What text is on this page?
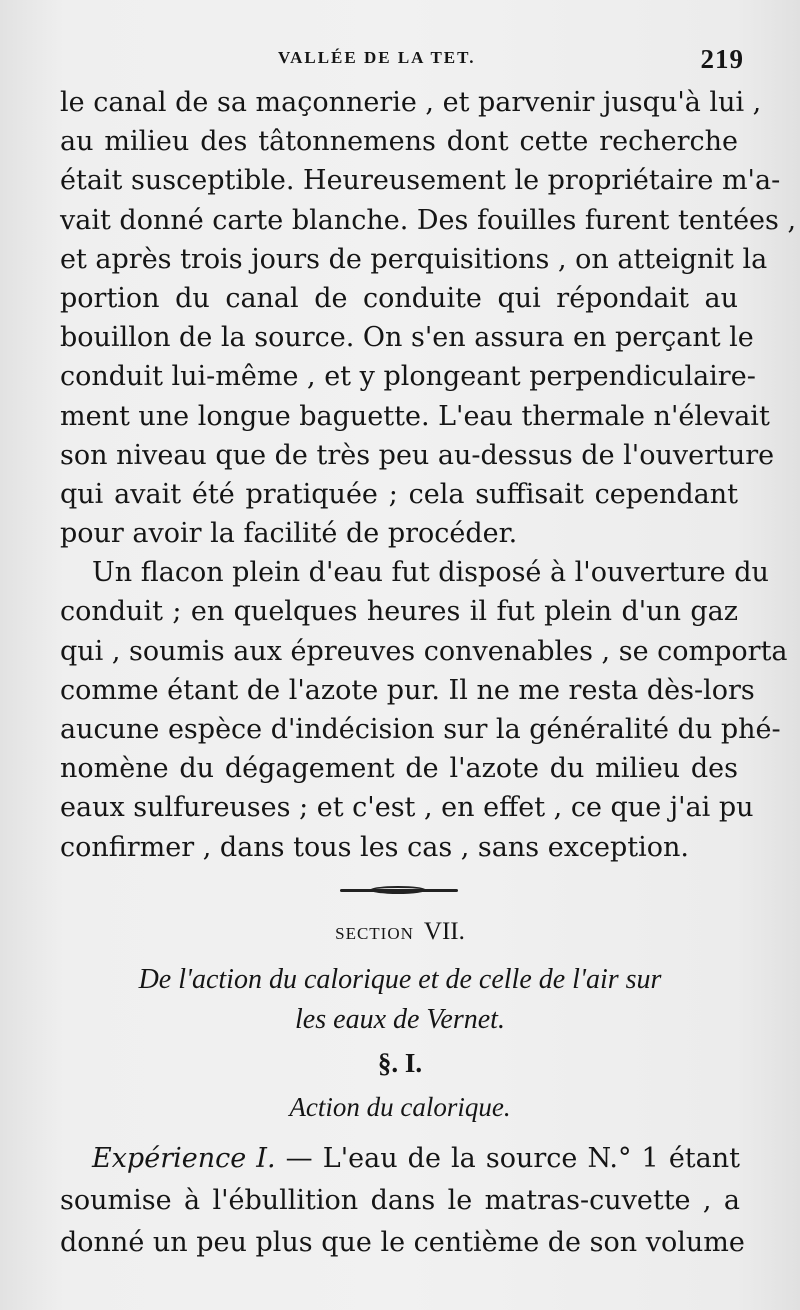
VALLÉE DE LA TET.	219
le canal de sa maçonnerie , et parvenir jusqu'à lui ,
au milieu des tâtonnemens dont cette recherche
était susceptible. Heureusement le propriétaire m'a-
vait donné carte blanche. Des fouilles furent tentées ,
et après trois jours de perquisitions , on atteignit la
portion du canal de conduite qui répondait au
bouillon de la source. On s'en assura en perçant le
conduit lui-même , et y plongeant perpendiculaire-
ment une longue baguette. L'eau thermale n'élevait
son niveau que de très peu au-dessus de l'ouverture
qui avait été pratiquée ; cela suffisait cependant
pour avoir la facilité de procéder.
Un flacon plein d'eau fut disposé à l'ouverture du
conduit ; en quelques heures il fut plein d'un gaz
qui , soumis aux épreuves convenables , se comporta
comme étant de l'azote pur. Il ne me resta dès-lors
aucune espèce d'indécision sur la généralité du phé-
nomène du dégagement de l'azote du milieu des
eaux sulfureuses ; et c'est , en effet , ce que j'ai pu
confirmer , dans tous les cas , sans exception.
SECTION VII.
De l'action du calorique et de celle de l'air sur
les eaux de Vernet.
§. I.
Action du calorique.
Expérience I. — L'eau de la source N.° 1 étant
soumise à l'ébullition dans le matras-cuvette , a
donné un peu plus que le centième de son volume
